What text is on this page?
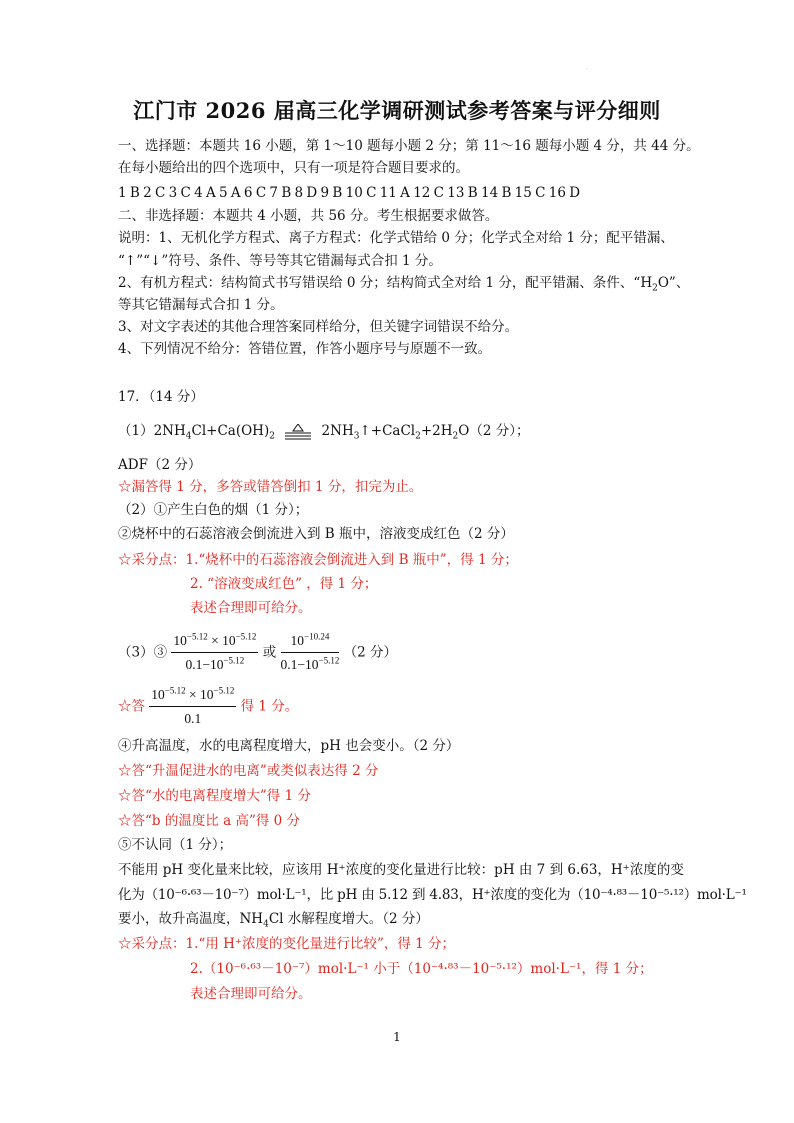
.
江门市 2026 届高三化学调研测试参考答案与评分细则
一、选择题：本题共 16 小题，第 1～10 题每小题 2 分；第 11～16 题每小题 4 分，共 44 分。
在每小题给出的四个选项中，只有一项是符合题目要求的。
1 B 2 C 3 C 4 A 5 A 6 C 7 B 8 D 9 B 10 C 11 A 12 C 13 B 14 B 15 C 16 D
二、非选择题：本题共 4 小题，共 56 分。考生根据要求做答。
说明：1、无机化学方程式、离子方程式：化学式错给 0 分；化学式全对给 1 分；配平错漏、
“↑”“↓”符号、条件、等号等其它错漏每式合扣 1 分。
2、有机方程式：结构简式书写错误给 0 分；结构简式全对给 1 分，配平错漏、条件、“$H_2O$”、
等其它错漏每式合扣 1 分。
3、对文字表述的其他合理答案同样给分，但关键字词错误不给分。
4、下列情况不给分：答错位置，作答小题序号与原题不一致。
17．（14 分）
$(1)2NH_4Cl+Ca(OH)_2$	$2NH_3↑+CaCl_2+2H_2O(2$ 分）；
ADF（2 分）
☆漏答得 1 分，多答或错答倒扣 1 分，扣完为止。
（2）①产生白色的烟（1 分）；
②烧杯中的石蕊溶液会倒流进入到 B 瓶中，溶液变成红色（2 分）
☆采分点：1.“烧杯中的石蕊溶液会倒流进入到 B 瓶中”，得 1 分；
2. “溶液变成红色” ，得 1 分；
表述合理即可给分。
（3）③ $\frac{10^{-5.12} \times 10^{-5.12}}{0.1-10^{-5.12}}$ 或 $\frac{10^{-10.24}}{0.1-10^{-5.12}} (2$ 分）
☆答 $\frac{10^{-5.12} \times 10^{-5.12}}{0.1}$ 得 1 分。
④升高温度，水的电离程度增大，pH 也会变小。（2 分）
☆答“升温促进水的电离”或类似表达得 2 分
☆答“水的电离程度增大”得 1 分
☆答“b 的温度比 a 高”得 0 分
⑤不认同（1 分）；
不能用 pH 变化量来比较，应该用 H⁺浓度的变化量进行比较：pH 由 7 到 6.63，H⁺浓度的变
化为（10⁻⁶·⁶³－10⁻⁷）mol·L⁻¹，比 pH 由 5.12 到 4.83，H⁺浓度的变化为（10⁻⁴·⁸³－10⁻⁵·¹²）mol·L⁻¹
要小，故升高温度，$NH_4Cl$ 水解程度增大。（2 分）
☆采分点：1.“用 H⁺浓度的变化量进行比较”，得 1 分；
2.（10⁻⁶·⁶³－10⁻⁷）mol·L⁻¹ 小于（10⁻⁴·⁸³－10⁻⁵·¹²）mol·L⁻¹，得 1 分；
表述合理即可给分。
1
